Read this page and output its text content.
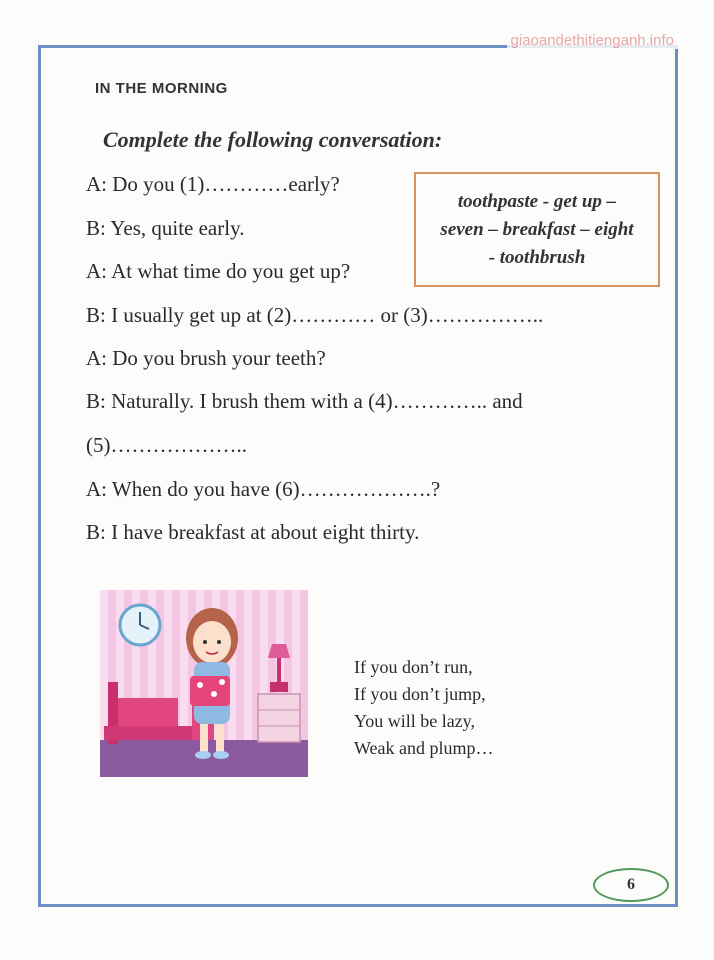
giaoandethitienganh.info
IN THE MORNING
Complete the following conversation:
A: Do you (1)…………early?
B: Yes, quite early.
A: At what time do you get up?
B: I usually get up at (2)………… or (3)……………..
A: Do you brush your teeth?
B: Naturally. I brush them with a (4)………….. and
(5)………………..
A: When do you have (6)……………….?
B: I have breakfast at about eight thirty.
toothpaste - get up –
seven – breakfast – eight
- toothbrush
If you don’t run,
If you don’t jump,
You will be lazy,
Weak and plump…
6
